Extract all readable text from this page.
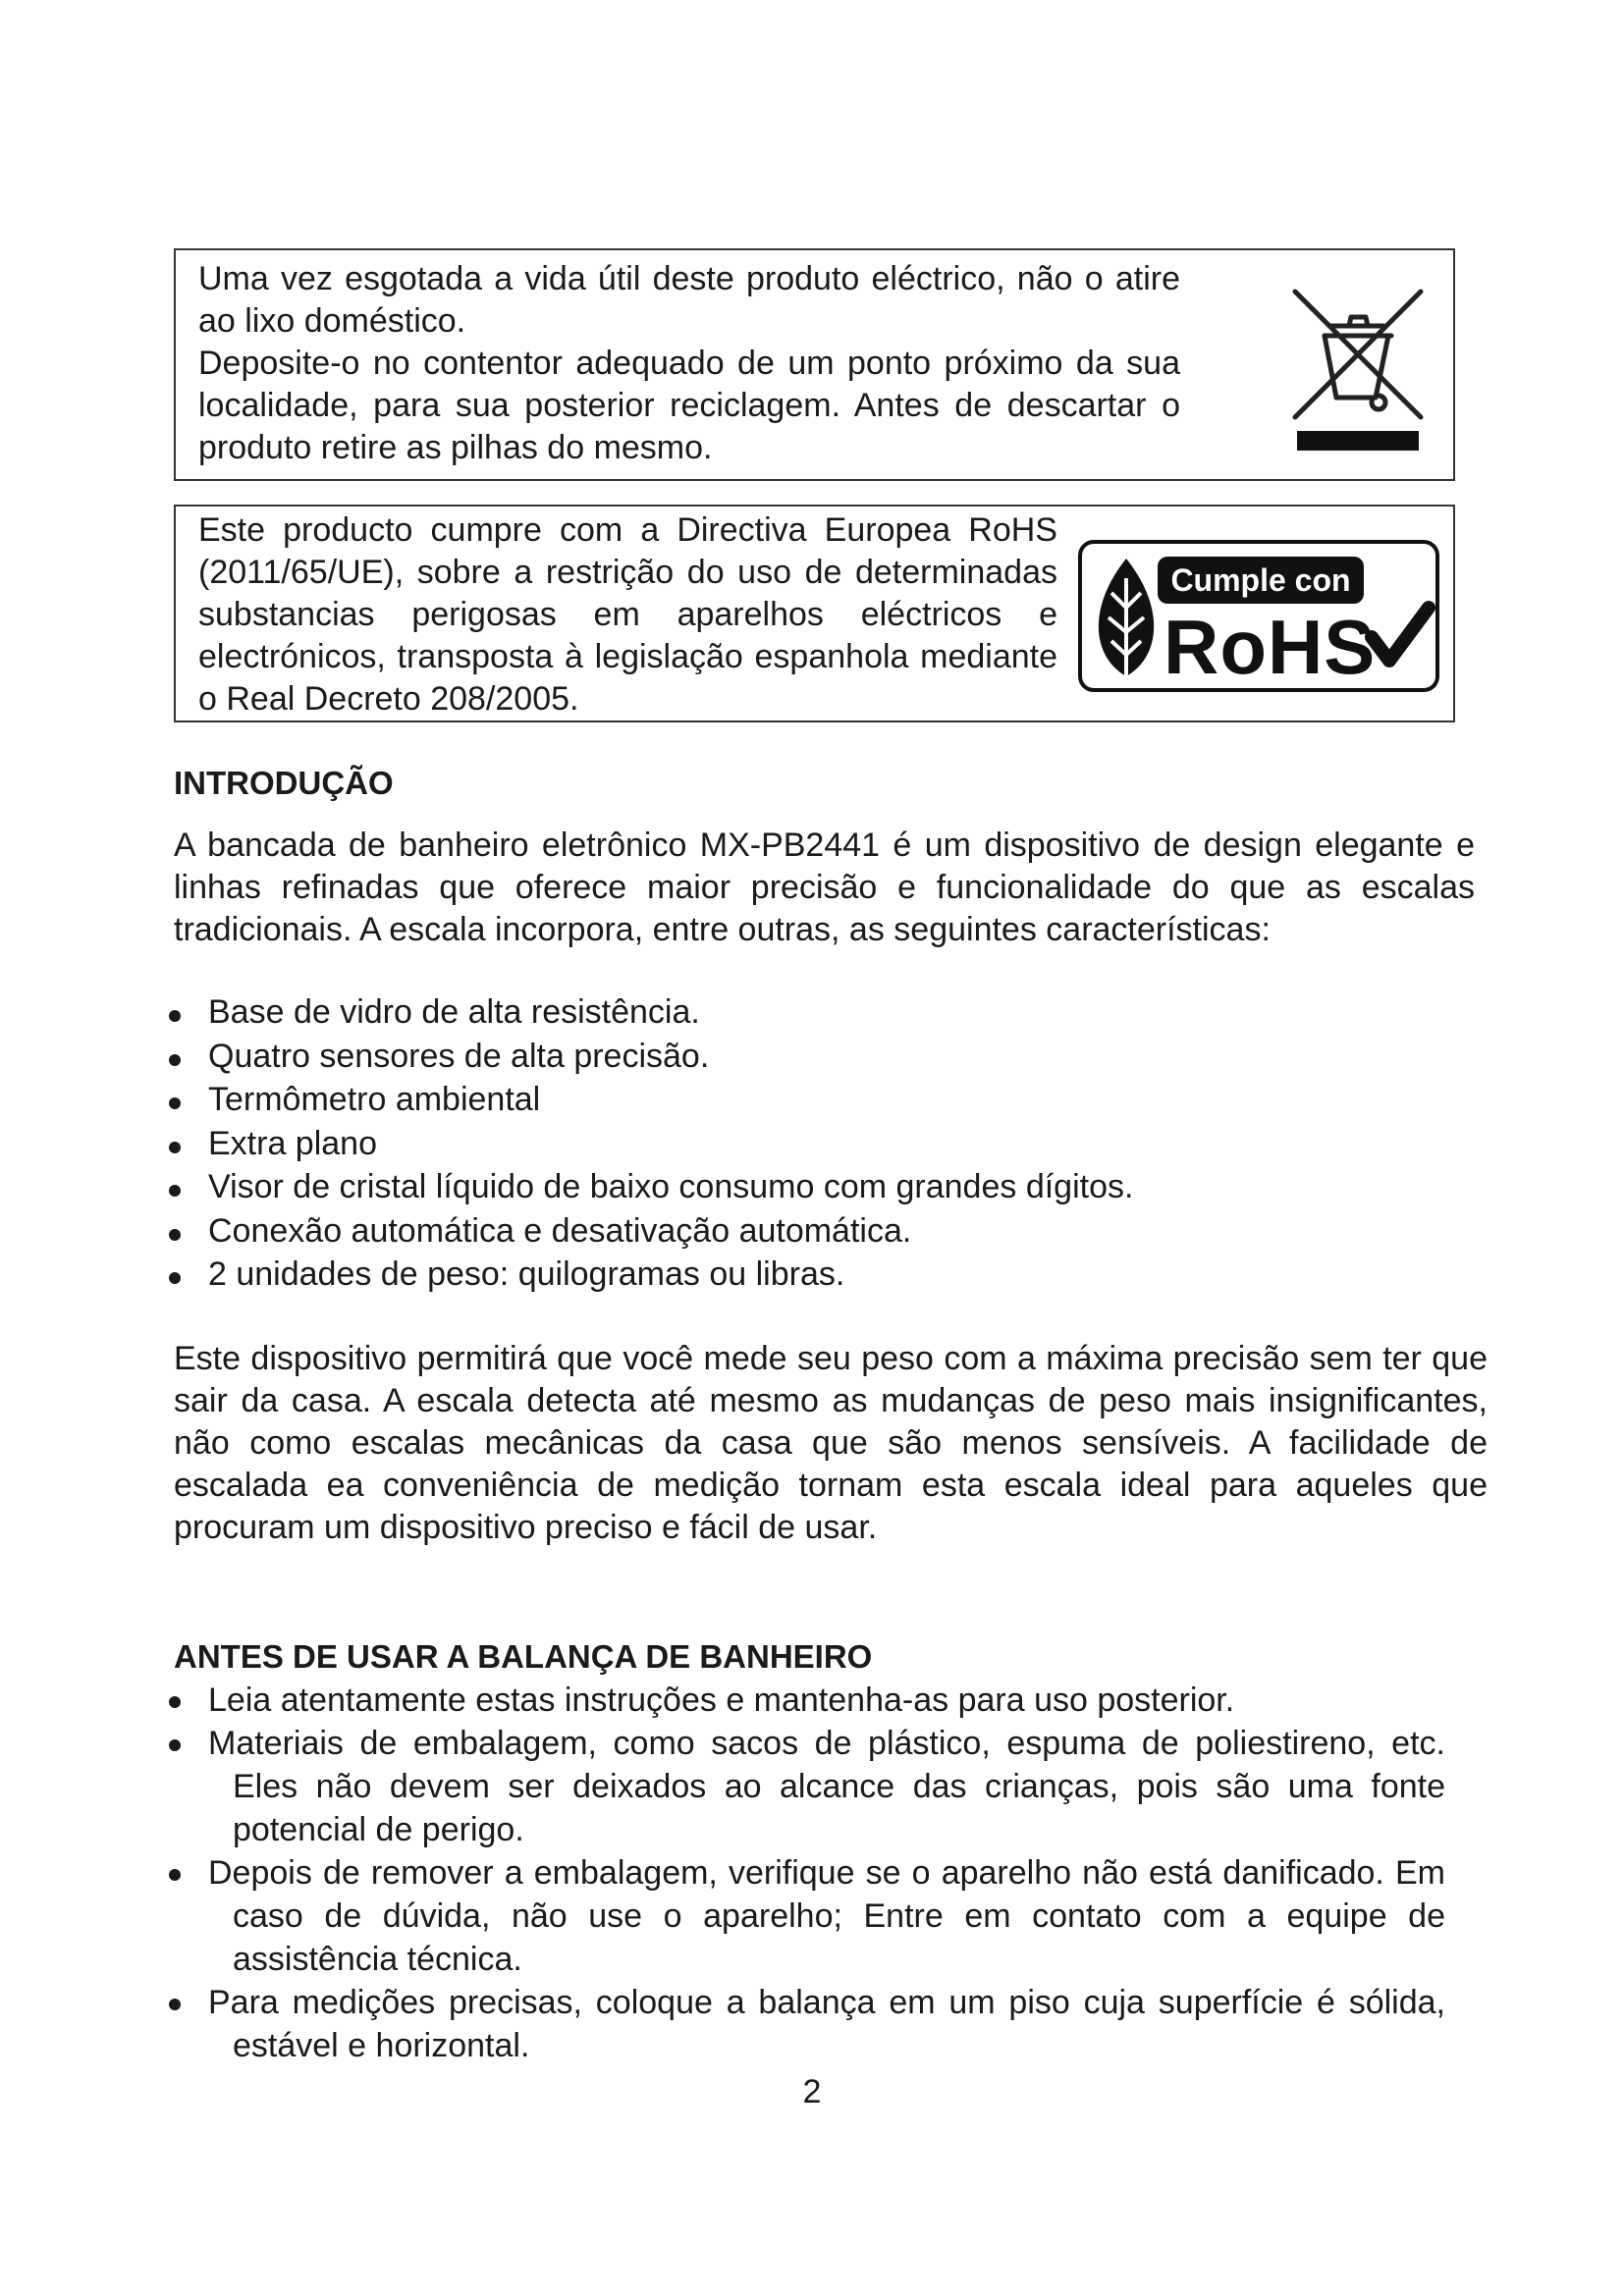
Uma vez esgotada a vida útil deste produto eléctrico, não o atire ao lixo doméstico.

Deposite-o no contentor adequado de um ponto próximo da sua localidade, para sua posterior reciclagem. Antes de descartar o produto retire as pilhas do mesmo.

Este producto cumpre com a Directiva Europea RoHS (2011/65/UE), sobre a restrição do uso de determinadas substancias perigosas em aparelhos eléctricos e electrónicos, transposta à legislação espanhola mediante o Real Decreto 208/2005.
Cumple con
RoHS
INTRODUÇÃO

A bancada de banheiro eletrônico MX-PB2441 é um dispositivo de design elegante e linhas refinadas que oferece maior precisão e funcionalidade do que as escalas tradicionais. A escala incorpora, entre outras, as seguintes características:

Base de vidro de alta resistência.
Quatro sensores de alta precisão.
Termômetro ambiental
Extra plano
Visor de cristal líquido de baixo consumo com grandes dígitos.
Conexão automática e desativação automática.
2 unidades de peso: quilogramas ou libras.

Este dispositivo permitirá que você mede seu peso com a máxima precisão sem ter que sair da casa. A escala detecta até mesmo as mudanças de peso mais insignificantes, não como escalas mecânicas da casa que são menos sensíveis. A facilidade de escalada ea conveniência de medição tornam esta escala ideal para aqueles que procuram um dispositivo preciso e fácil de usar.

ANTES DE USAR A BALANÇA DE BANHEIRO
Leia atentamente estas instruções e mantenha-as para uso posterior.
Materiais de embalagem, como sacos de plástico, espuma de poliestireno, etc. Eles não devem ser deixados ao alcance das crianças, pois são uma fonte potencial de perigo.
Depois de remover a embalagem, verifique se o aparelho não está danificado. Em caso de dúvida, não use o aparelho; Entre em contato com a equipe de assistência técnica.
Para medições precisas, coloque a balança em um piso cuja superfície é sólida, estável e horizontal.
2
